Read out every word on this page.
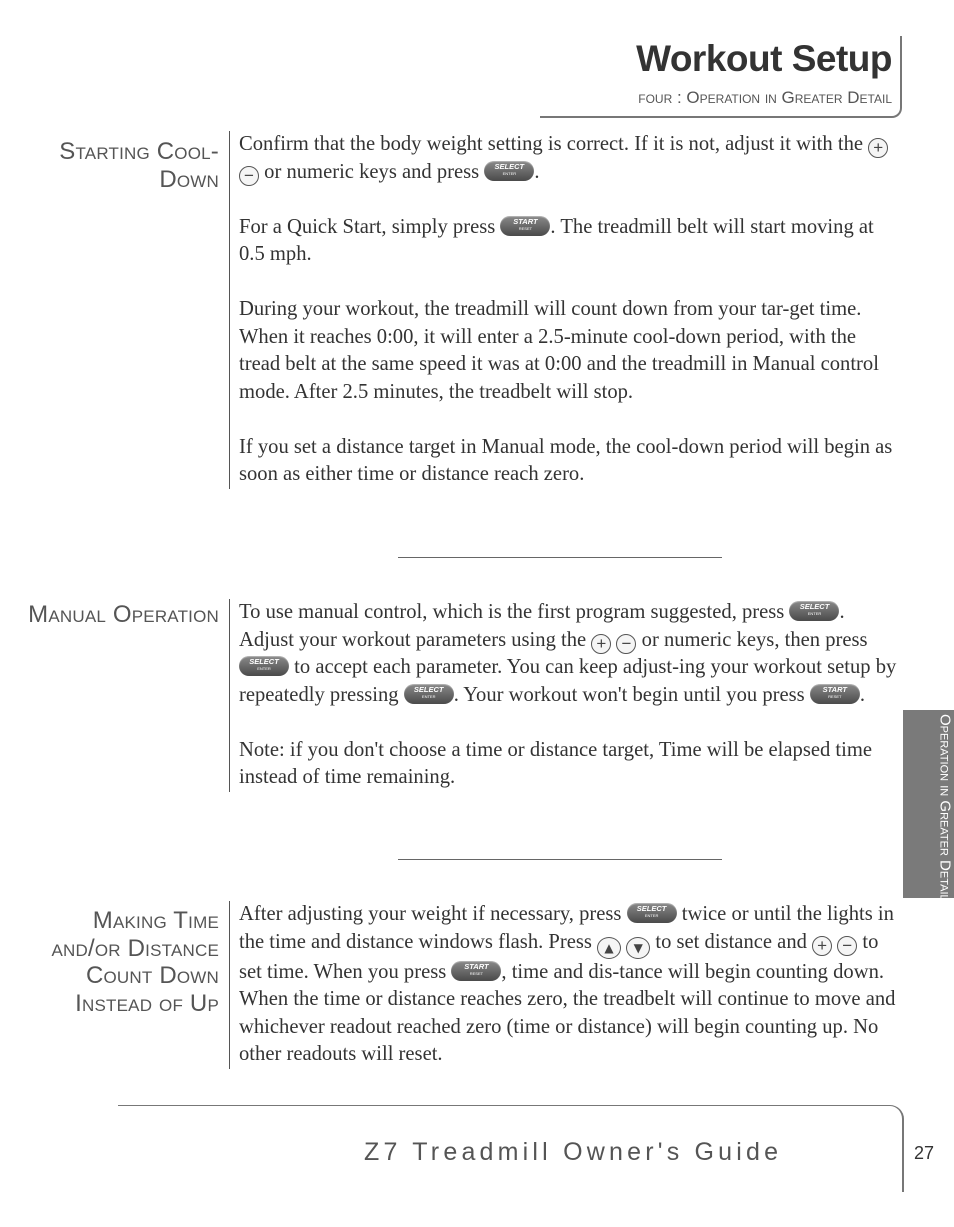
Workout Setup
four : Operation in Greater Detail
Starting Cool-Down

Confirm that the body weight setting is correct. If it is not, adjust it with the + − or numeric keys and press	SELECT
ENTER .

For a Quick Start, simply press	START
RESET . The treadmill belt will start moving at 0.5 mph.

During your workout, the treadmill will count down from your tar-get time. When it reaches 0:00, it will enter a 2.5-minute cool-down period, with the tread belt at the same speed it was at 0:00 and the treadmill in Manual control mode. After 2.5 minutes, the treadbelt will stop.

If you set a distance target in Manual mode, the cool-down period will begin as soon as either time or distance reach zero.

Manual Operation To use manual control, which is the first program suggested, press	SELECT
ENTER . Adjust your workout parameters using the + − or numeric keys, then press
SELECT
ENTER	to accept each parameter. You can keep adjust-ing your workout setup by repeatedly pressing	SELECT
ENTER . Your workout won't begin until you press	START
RESET .

Note: if you don't choose a time or distance target, Time will be elapsed time instead of time remaining.

Making Time and/or Distance Count Down Instead of Up

After adjusting your weight if necessary, press	SELECT
ENTER	twice or until the lights in the time and distance windows flash. Press ▲ ▼ to set distance and + − to set time. When you press	START
RESET , time and dis-tance will begin counting down. When the time or distance reaches zero, the treadbelt will continue to move and whichever readout reached zero (time or distance) will begin counting up. No other readouts will reset.

Operation in Greater Detail
Z7 Treadmill Owner's Guide	27
